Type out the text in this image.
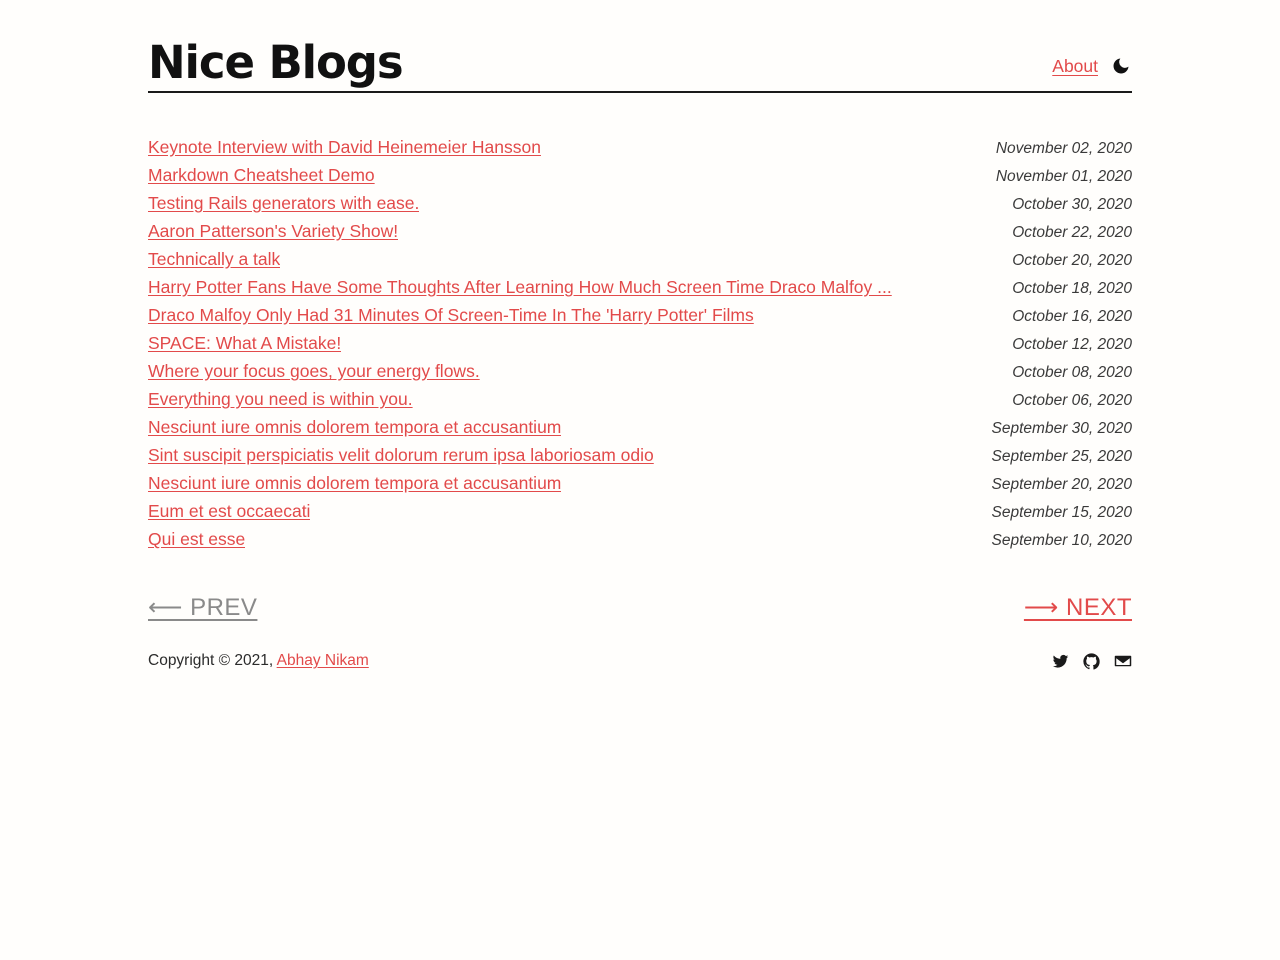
Nice Blogs	About
Keynote Interview with David Heinemeier Hansson	November 02, 2020
Markdown Cheatsheet Demo	November 01, 2020
Testing Rails generators with ease.	October 30, 2020
Aaron Patterson's Variety Show!	October 22, 2020
Technically a talk	October 20, 2020
Harry Potter Fans Have Some Thoughts After Learning How Much Screen Time Draco Malfoy ...	October 18, 2020
Draco Malfoy Only Had 31 Minutes Of Screen-Time In The 'Harry Potter' Films	October 16, 2020
SPACE: What A Mistake!	October 12, 2020
Where your focus goes, your energy flows.	October 08, 2020
Everything you need is within you.	October 06, 2020
Nesciunt iure omnis dolorem tempora et accusantium	September 30, 2020
Sint suscipit perspiciatis velit dolorum rerum ipsa laboriosam odio	September 25, 2020
Nesciunt iure omnis dolorem tempora et accusantium	September 20, 2020
Eum et est occaecati	September 15, 2020
Qui est esse	September 10, 2020
⟵ PREV	⟶ NEXT
Copyright © 2021, Abhay Nikam
